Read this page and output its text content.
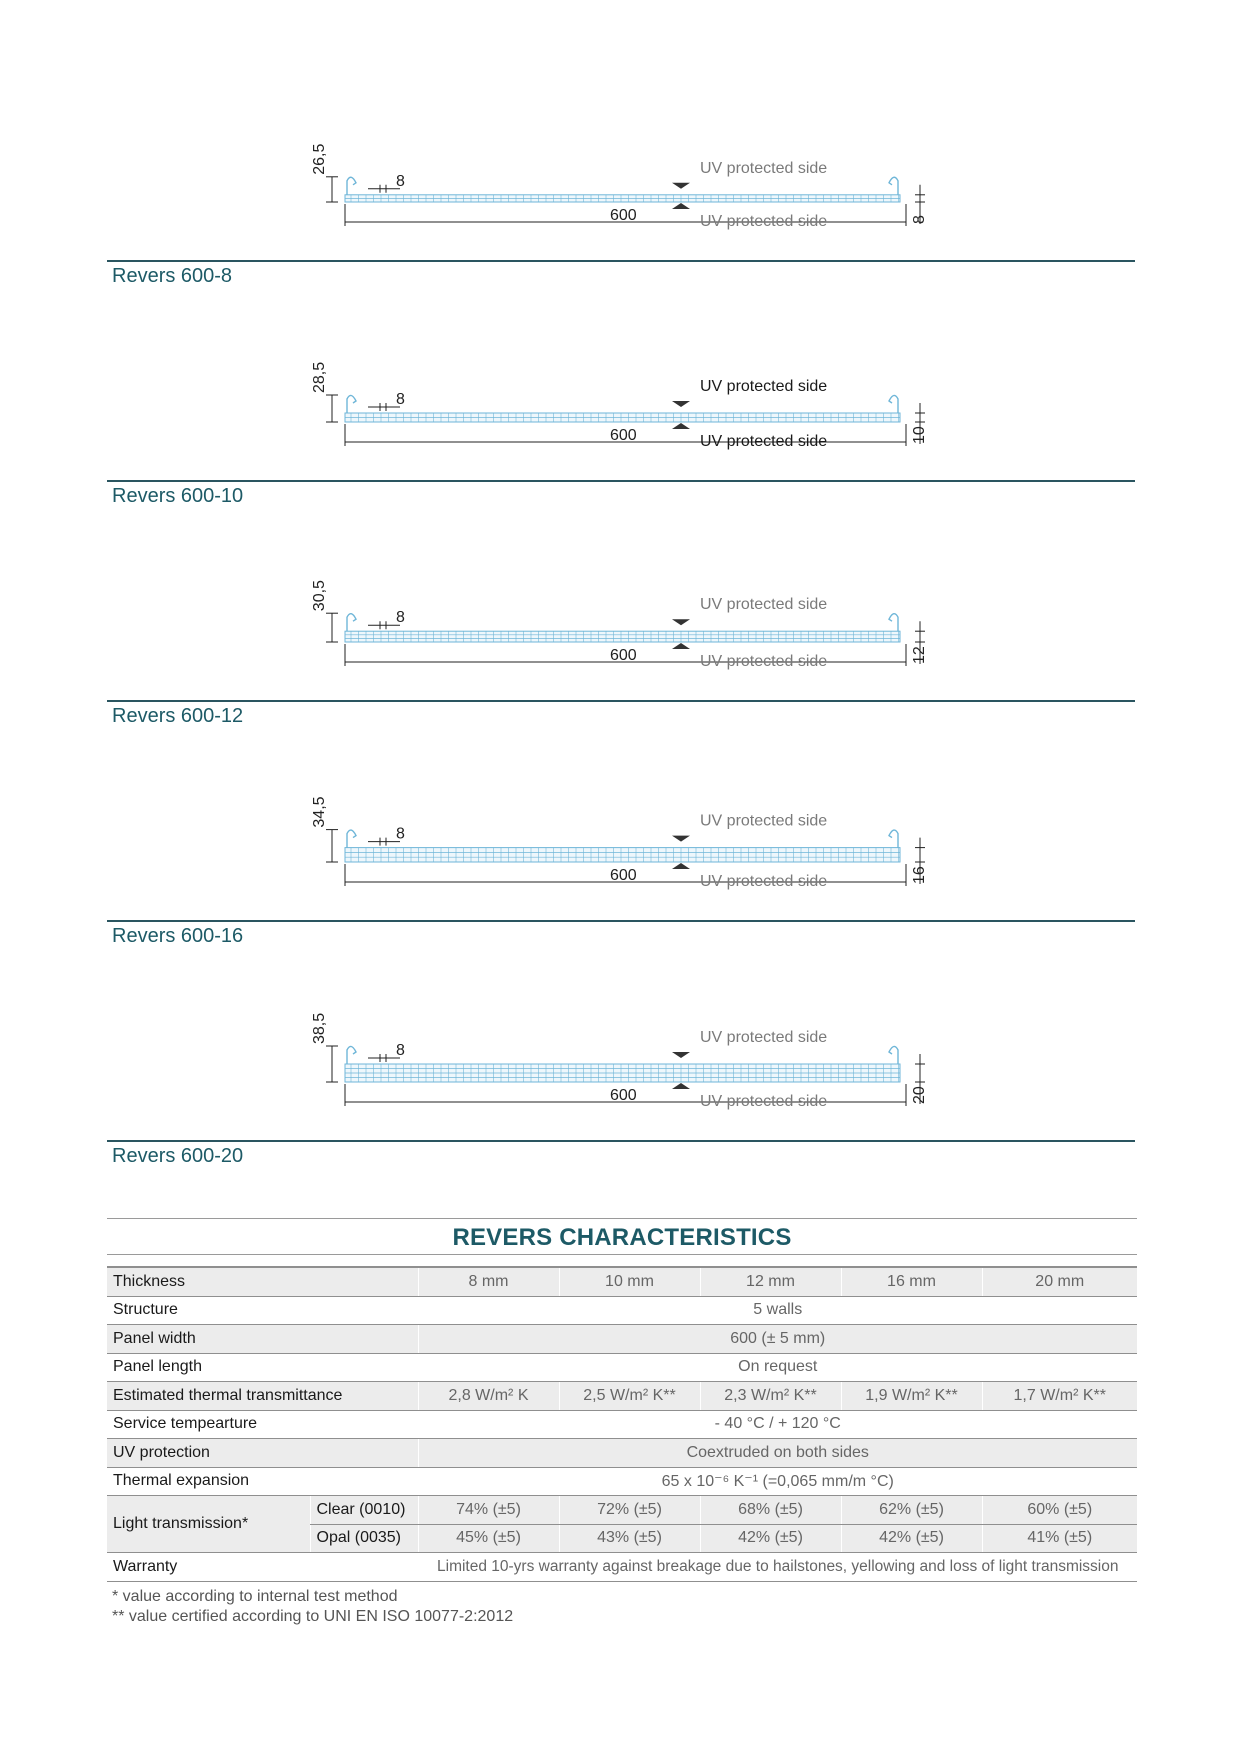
26,5
8
600	8
UV protected side
UV protected side
Revers 600-8
28,5
8
600	10
UV protected side
UV protected side
Revers 600-10
30,5
8
600	12
UV protected side
UV protected side
Revers 600-12
34,5
8
600	16
UV protected side
UV protected side
Revers 600-16
38,5
8
600	20
UV protected side
UV protected side
Revers 600-20
REVERS CHARACTERISTICS
Thickness		8 mm	10 mm	12 mm	16 mm	20 mm
Structure		5 walls				
Panel width		600 (± 5 mm)				
Panel length		On request				
Estimated thermal transmittance		2,8 W/m² K	2,5 W/m² K**	2,3 W/m² K**	1,9 W/m² K**	1,7 W/m² K**
Service tempearture		- 40 °C / + 120 °C				
UV protection		Coextruded on both sides				
Thermal expansion		65 x 10⁻⁶ K⁻¹ (=0,065 mm/m °C)				
Light transmission*	Clear (0010)	74% (±5)	72% (±5)	68% (±5)	62% (±5)	60% (±5)
	Opal (0035)	45% (±5)	43% (±5)	42% (±5)	42% (±5)	41% (±5)
Warranty		Limited 10-yrs warranty against breakage due to hailstones, yellowing and loss of light transmission				
* value according to internal test method
** value certified according to UNI EN ISO 10077-2:2012
